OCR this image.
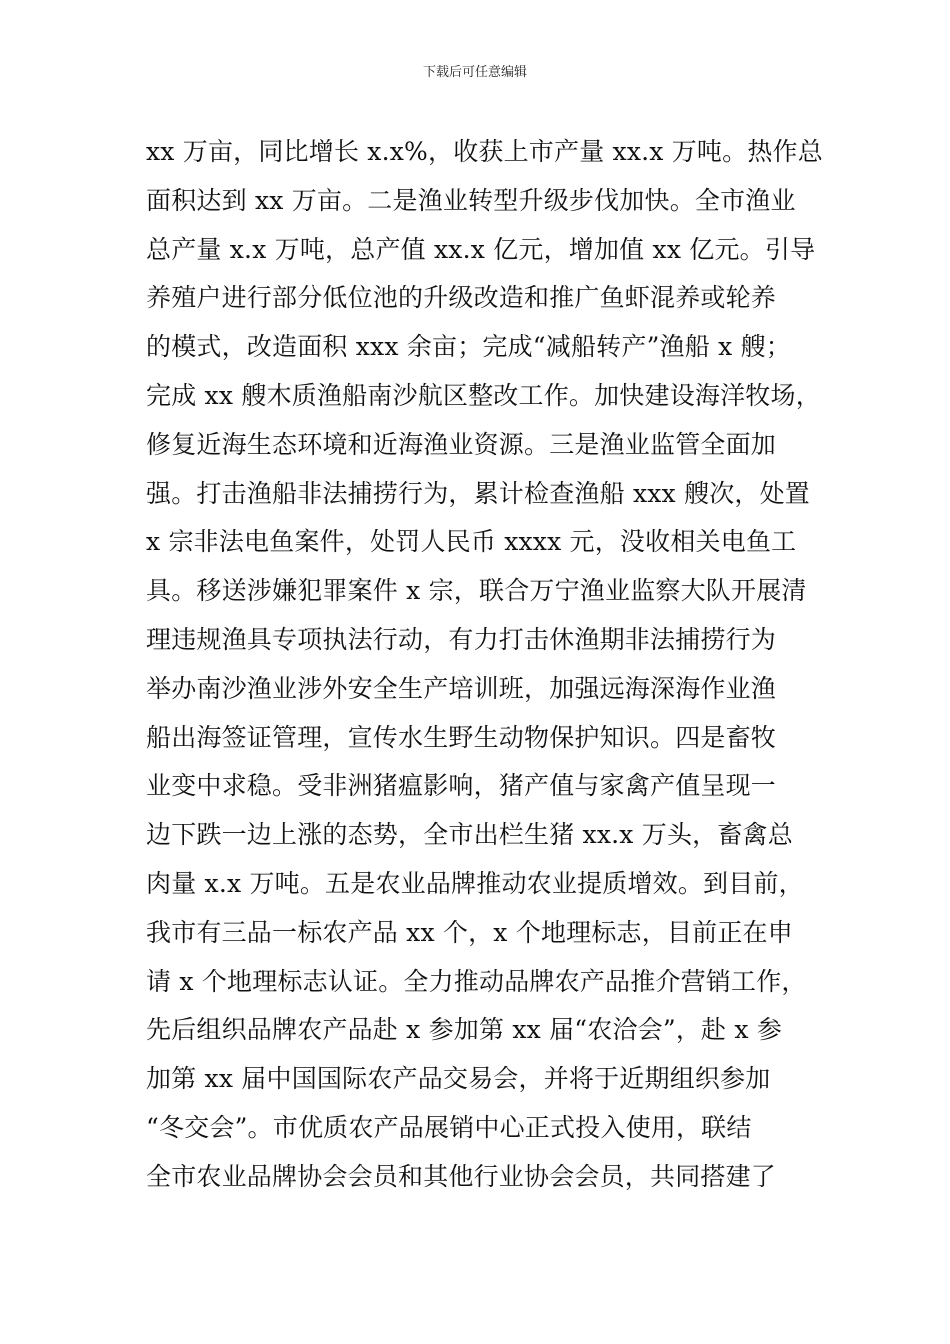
下载后可任意编辑
xx 万亩，同比增长 x.x%，收获上市产量 xx.x 万吨。热作总
面积达到 xx 万亩。二是渔业转型升级步伐加快。全市渔业
总产量 x.x 万吨，总产值 xx.x 亿元，增加值 xx 亿元。引导
养殖户进行部分低位池的升级改造和推广鱼虾混养或轮养
的模式，改造面积 xxx 余亩；完成“减船转产”渔船 x 艘；
完成 xx 艘木质渔船南沙航区整改工作。加快建设海洋牧场，
修复近海生态环境和近海渔业资源。三是渔业监管全面加
强。打击渔船非法捕捞行为，累计检查渔船 xxx 艘次，处置
x 宗非法电鱼案件，处罚人民币 xxxx 元，没收相关电鱼工
具。移送涉嫌犯罪案件 x 宗，联合万宁渔业监察大队开展清
理违规渔具专项执法行动，有力打击休渔期非法捕捞行为
举办南沙渔业涉外安全生产培训班，加强远海深海作业渔
船出海签证管理，宣传水生野生动物保护知识。四是畜牧
业变中求稳。受非洲猪瘟影响，猪产值与家禽产值呈现一
边下跌一边上涨的态势，全市出栏生猪 xx.x 万头，畜禽总
肉量 x.x 万吨。五是农业品牌推动农业提质增效。到目前，
我市有三品一标农产品 xx 个，x 个地理标志，目前正在申
请 x 个地理标志认证。全力推动品牌农产品推介营销工作，
先后组织品牌农产品赴 x 参加第 xx 届“农洽会”，赴 x 参
加第 xx 届中国国际农产品交易会，并将于近期组织参加
“冬交会”。市优质农产品展销中心正式投入使用，联结
全市农业品牌协会会员和其他行业协会会员，共同搭建了
